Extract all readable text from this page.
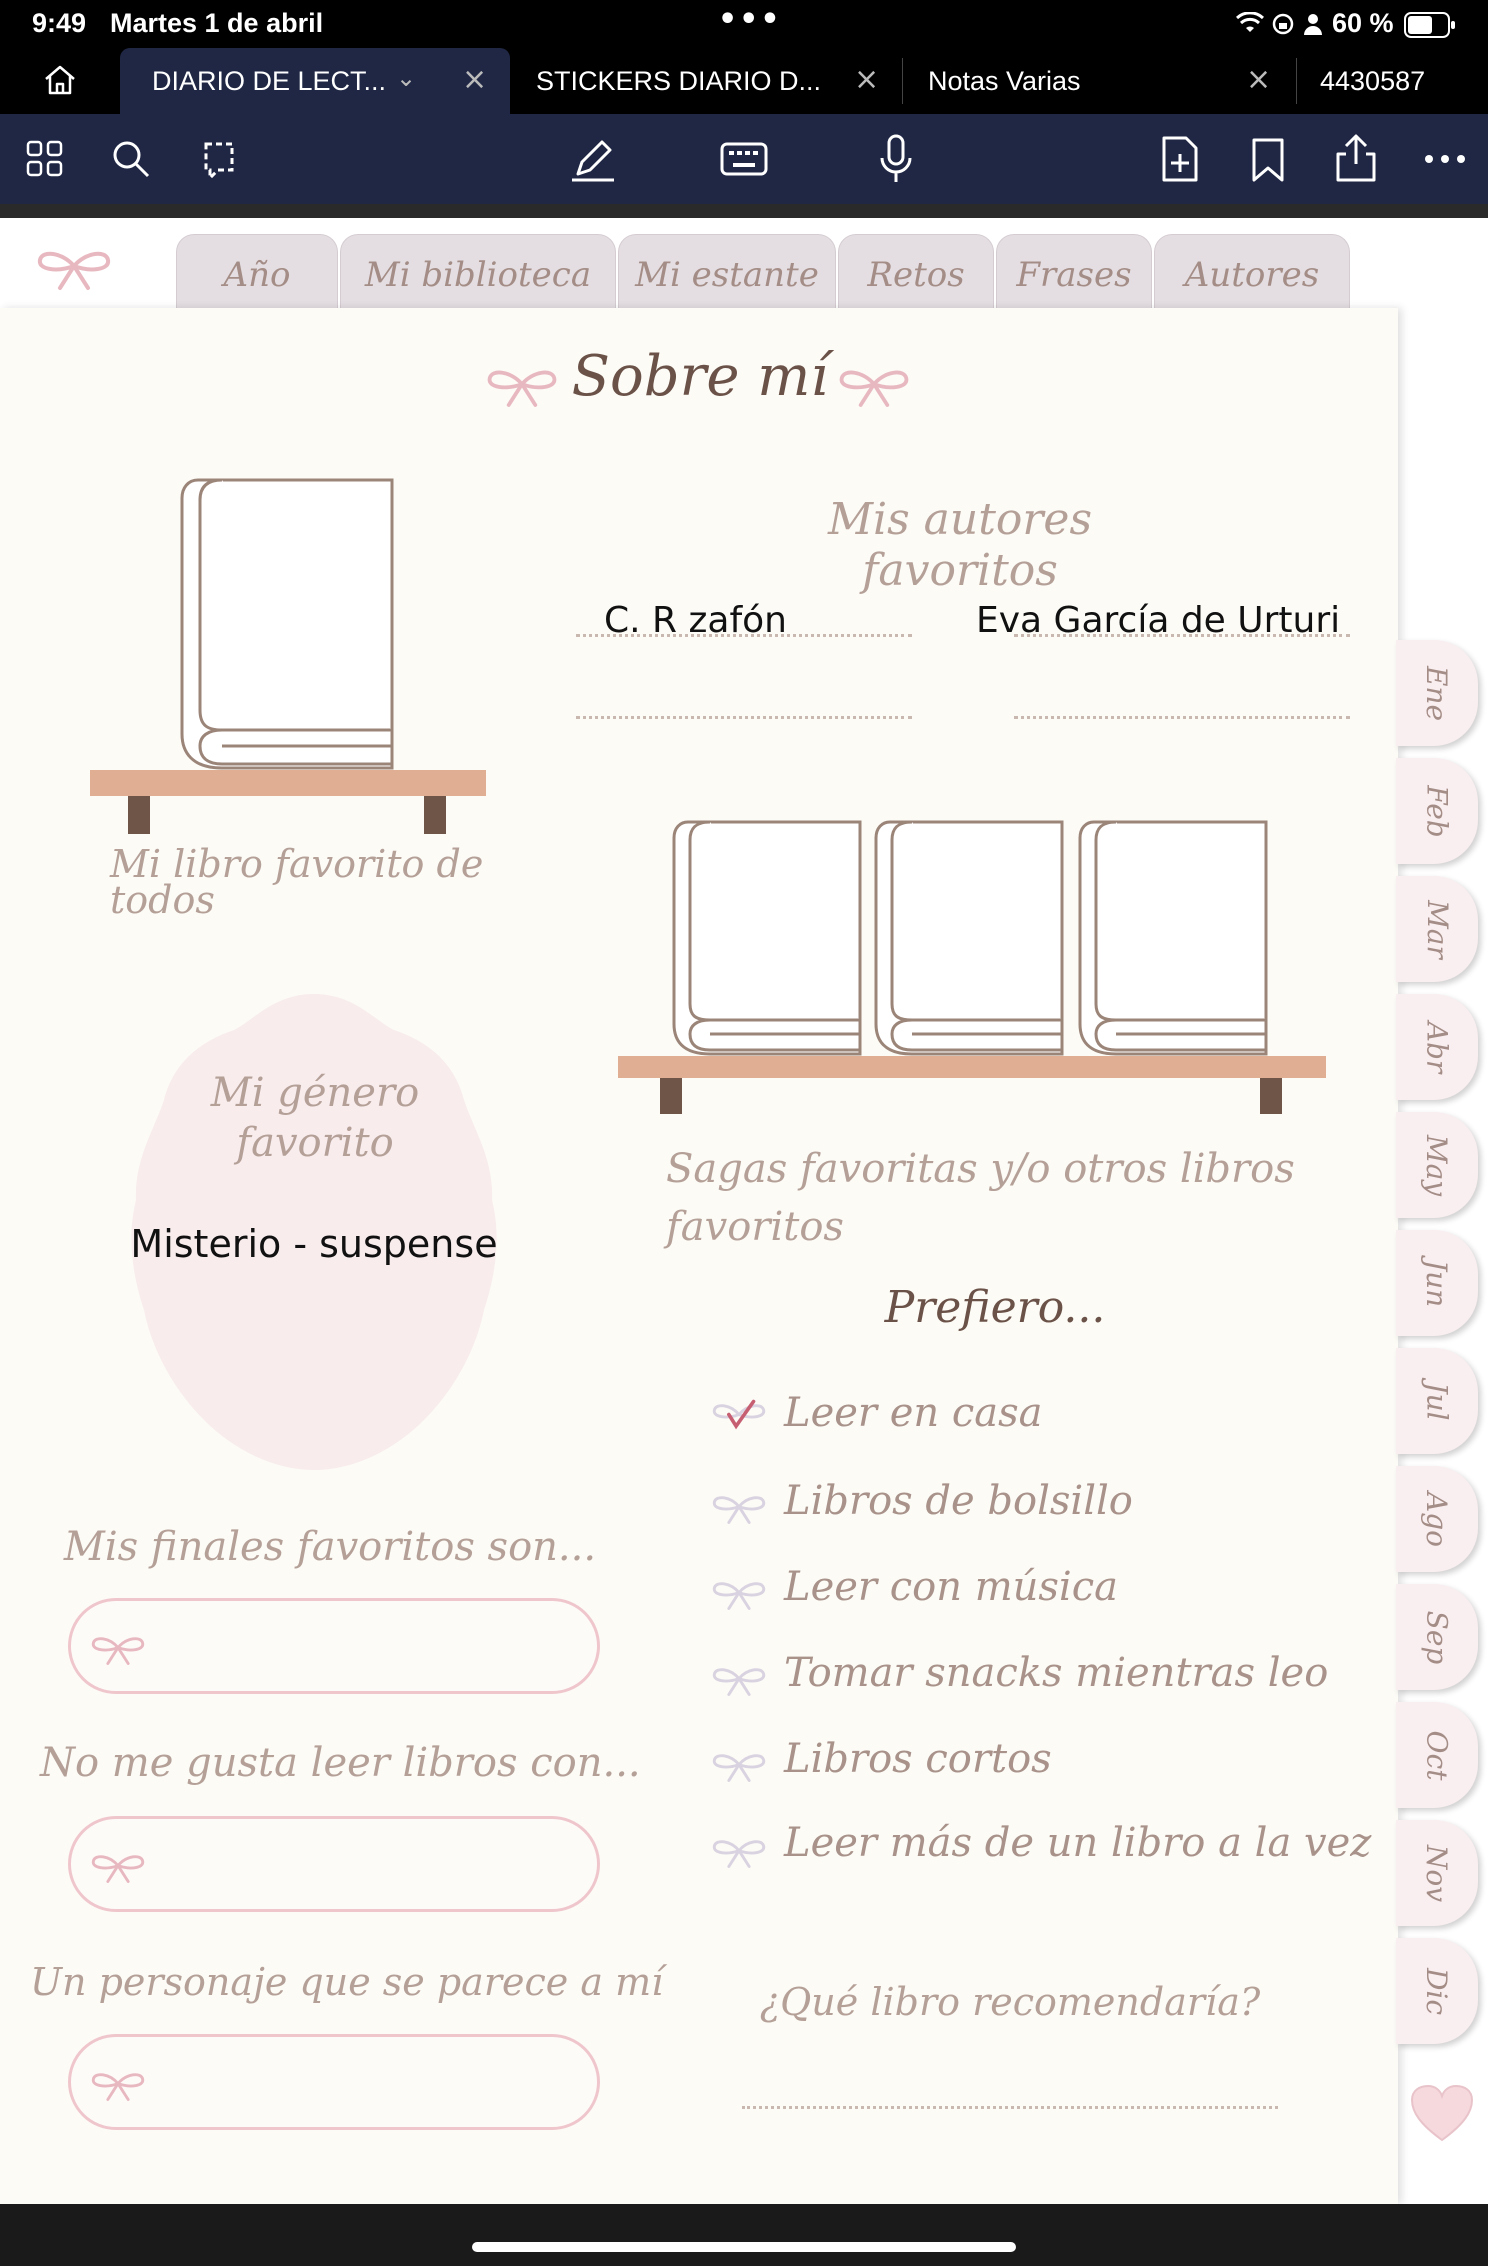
9:49 Martes 1 de abril	•••	60 %
DIARIO DE LECT... ⌄ × STICKERS DIARIO D... × Notas Varias	× 4430587
Año	Mi biblioteca	Mi estante	Retos	Frases	Autores
Sobre mí
Mi libro favorito de todos
Mis autores favoritos
C. R zafón	Eva García de Urturi
Sagas favoritas y/o otros libros favoritos
Mi género favorito
Misterio - suspense
Prefiero...
Leer en casa
Libros de bolsillo
Leer con música
Tomar snacks mientras leo
Libros cortos
Leer más de un libro a la vez
Mis finales favoritos son...
No me gusta leer libros con...
Un personaje que se parece a mí	¿Qué libro recomendaría?
Ene
Feb
Mar
Abr
May
Jun
Jul
Ago
Sep
Oct
Nov
Dic
